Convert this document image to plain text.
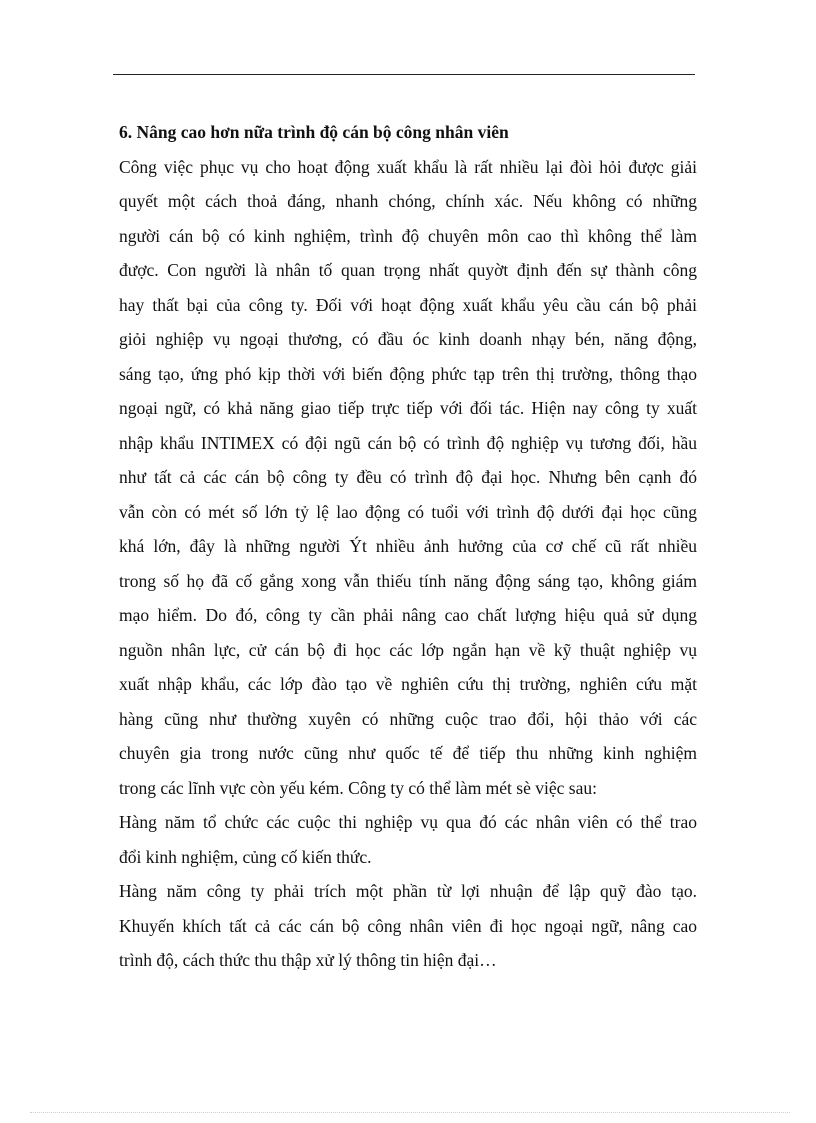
6. Nâng cao hơn nữa trình độ cán bộ công nhân viên

Công việc phục vụ cho hoạt động xuất khẩu là rất nhiều lại đòi hỏi được giải
quyết một cách thoả đáng, nhanh chóng, chính xác. Nếu không có những
người cán bộ có kinh nghiệm, trình độ chuyên môn cao thì không thể làm
được. Con người là nhân tố quan trọng nhất quyờt định đến sự thành công
hay thất bại của công ty. Đối với hoạt động xuất khẩu yêu cầu cán bộ phải
giỏi nghiệp vụ ngoại thương, có đầu óc kinh doanh nhạy bén, năng động,
sáng tạo, ứng phó kịp thời với biến động phức tạp trên thị trường, thông thạo
ngoại ngữ, có khả năng giao tiếp trực tiếp với đối tác. Hiện nay công ty xuất
nhập khẩu INTIMEX có đội ngũ cán bộ có trình độ nghiệp vụ tương đối, hầu
như tất cả các cán bộ công ty đều có trình độ đại học. Nhưng bên cạnh đó
vẫn còn có mét số lớn tỷ lệ lao động có tuổi với trình độ dưới đại học cũng
khá lớn, đây là những người Ýt nhiều ảnh hưởng của cơ chế cũ rất nhiều
trong số họ đã cố gắng xong vẫn thiếu tính năng động sáng tạo, không giám
mạo hiểm. Do đó, công ty cần phải nâng cao chất lượng hiệu quả sử dụng
nguồn nhân lực, cử cán bộ đi học các lớp ngắn hạn về kỹ thuật nghiệp vụ
xuất nhập khẩu, các lớp đào tạo về nghiên cứu thị trường, nghiên cứu mặt
hàng cũng như thường xuyên có những cuộc trao đổi, hội thảo với các
chuyên gia trong nước cũng như quốc tế để tiếp thu những kinh nghiệm
trong các lĩnh vực còn yếu kém. Công ty có thể làm mét sè việc sau:

Hàng năm tổ chức các cuộc thi nghiệp vụ qua đó các nhân viên có thể trao
đổi kinh nghiệm, củng cố kiến thức.

Hàng năm công ty phải trích một phần từ lợi nhuận để lập quỹ đào tạo.
Khuyến khích tất cả các cán bộ công nhân viên đi học ngoại ngữ, nâng cao
trình độ, cách thức thu thập xử lý thông tin hiện đại…
